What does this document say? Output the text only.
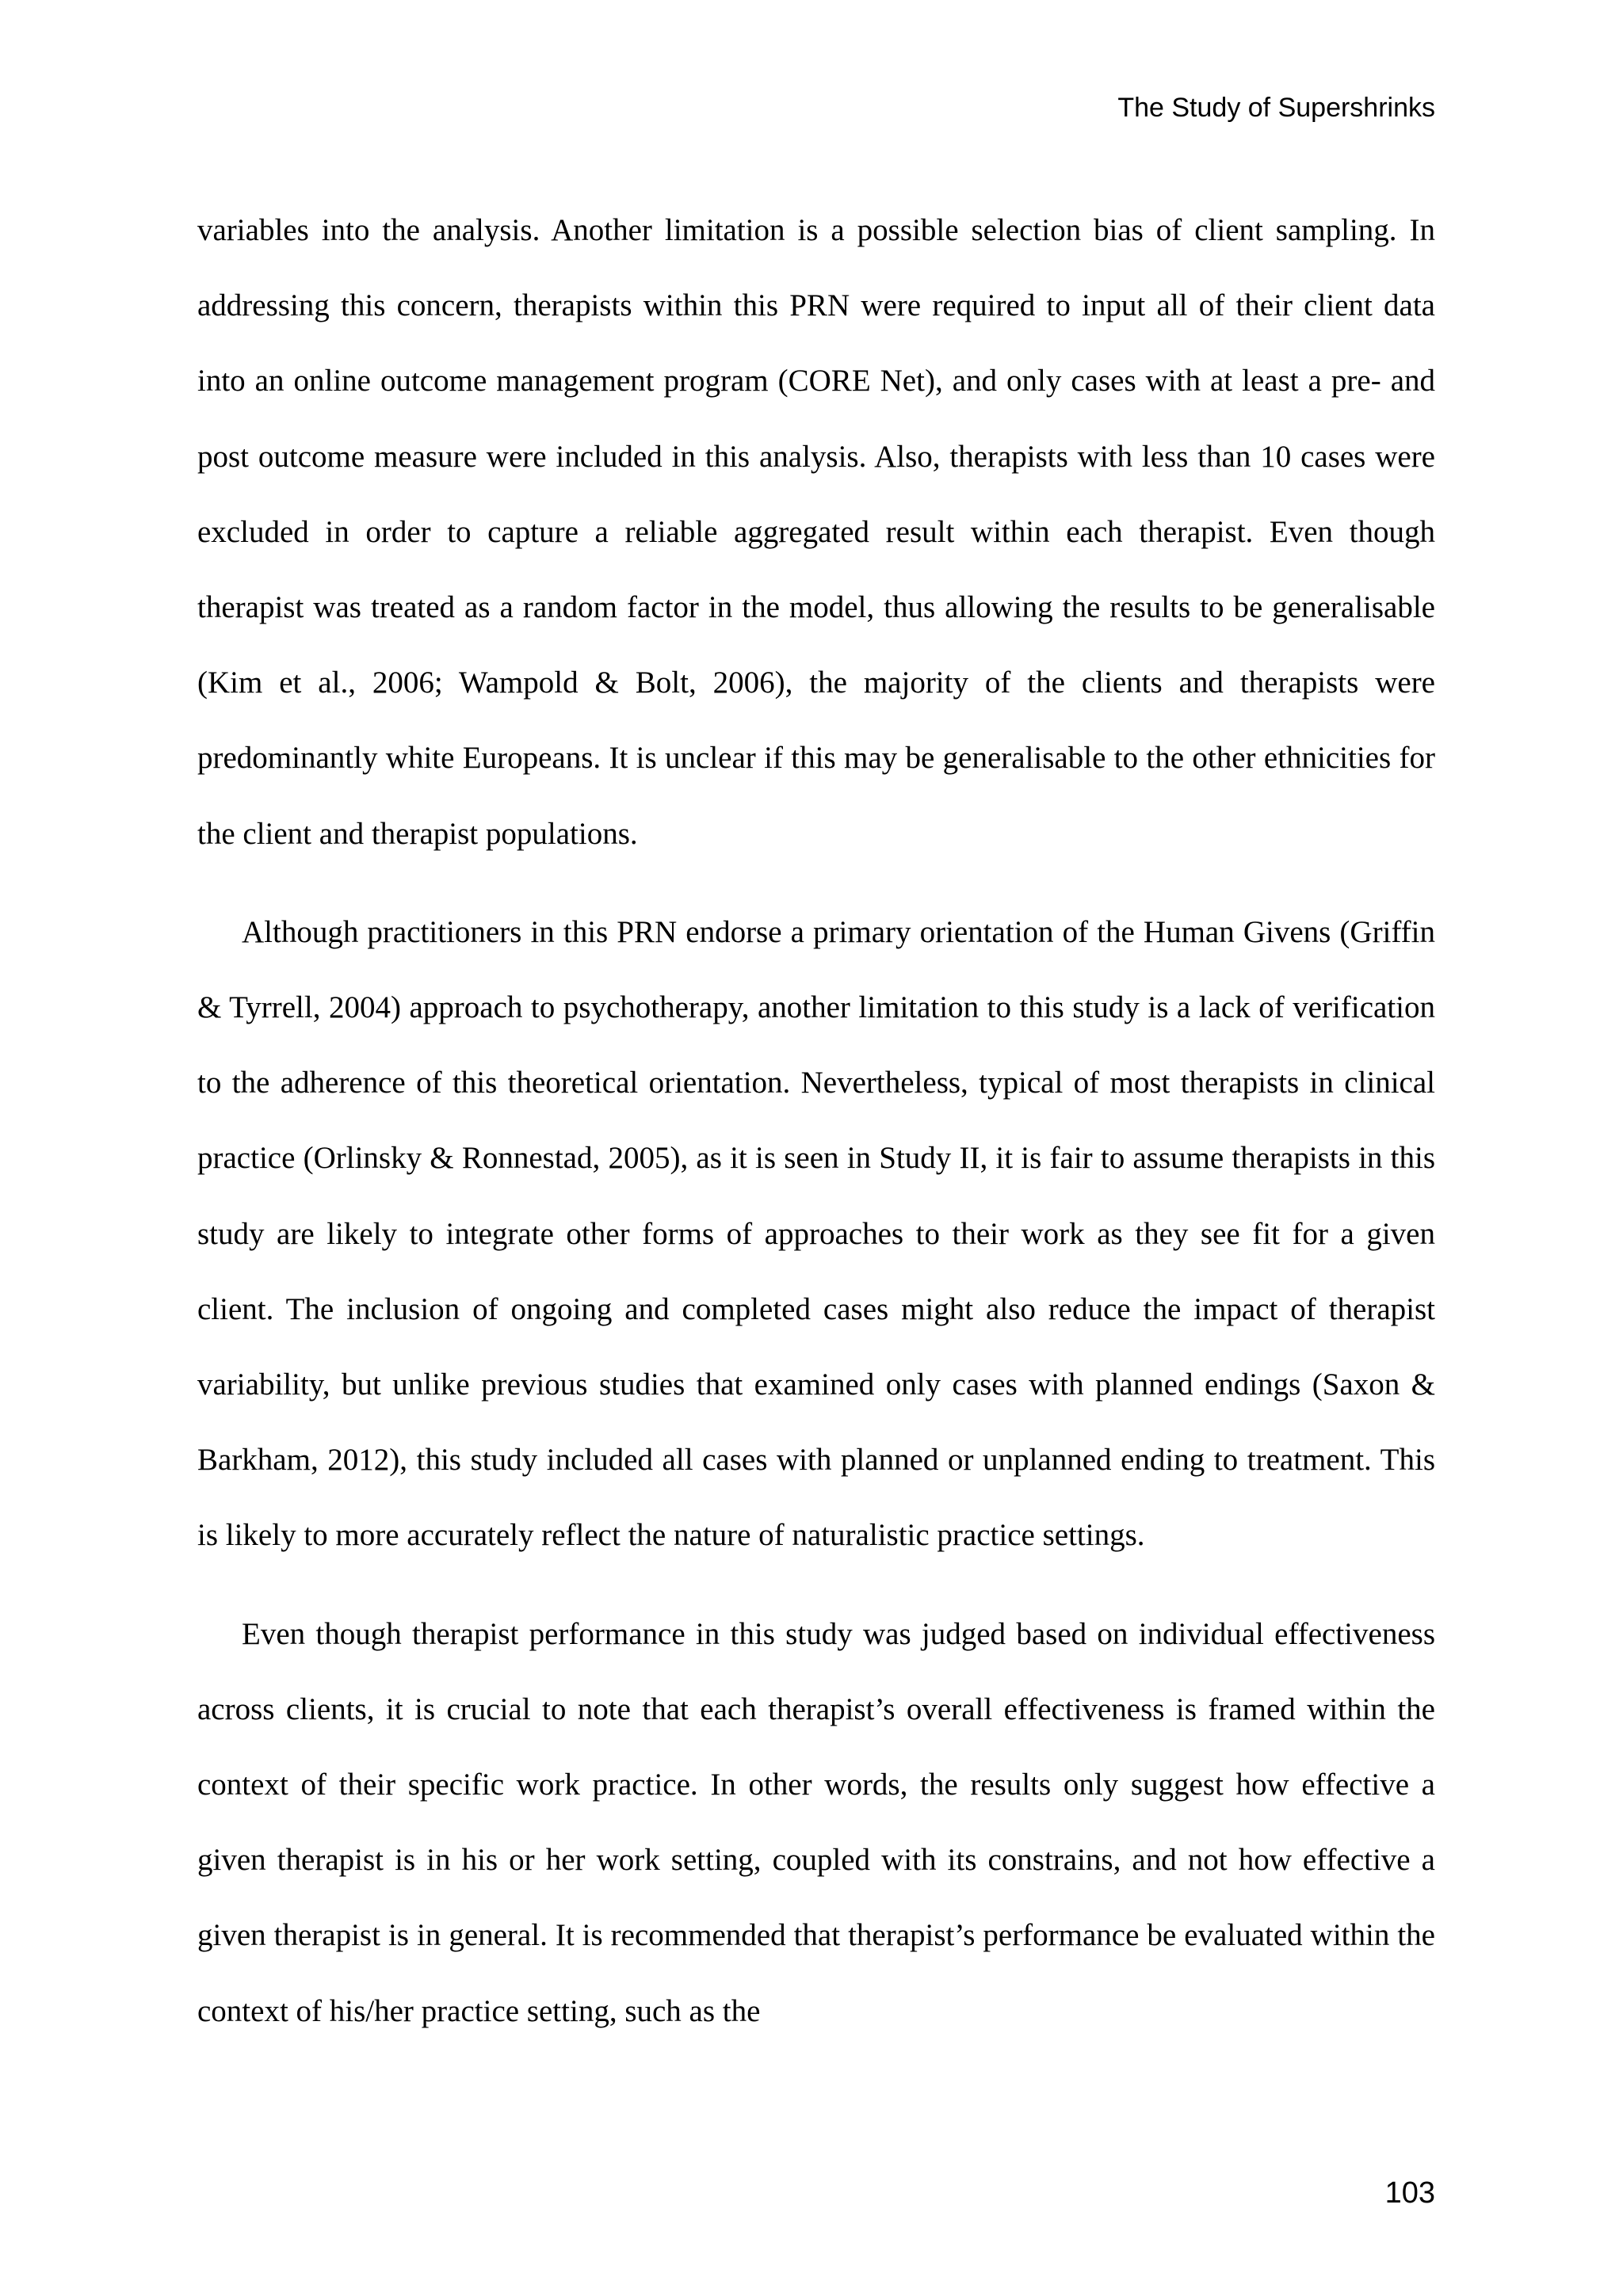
The Study of Supershrinks

variables into the analysis. Another limitation is a possible selection bias of client sampling. In addressing this concern, therapists within this PRN were required to input all of their client data into an online outcome management program (CORE Net), and only cases with at least a pre- and post outcome measure were included in this analysis. Also, therapists with less than 10 cases were excluded in order to capture a reliable aggregated result within each therapist. Even though therapist was treated as a random factor in the model, thus allowing the results to be generalisable (Kim et al., 2006; Wampold & Bolt, 2006), the majority of the clients and therapists were predominantly white Europeans. It is unclear if this may be generalisable to the other ethnicities for the client and therapist populations.

Although practitioners in this PRN endorse a primary orientation of the Human Givens (Griffin & Tyrrell, 2004) approach to psychotherapy, another limitation to this study is a lack of verification to the adherence of this theoretical orientation. Nevertheless, typical of most therapists in clinical practice (Orlinsky & Ronnestad, 2005), as it is seen in Study II, it is fair to assume therapists in this study are likely to integrate other forms of approaches to their work as they see fit for a given client. The inclusion of ongoing and completed cases might also reduce the impact of therapist variability, but unlike previous studies that examined only cases with planned endings (Saxon & Barkham, 2012), this study included all cases with planned or unplanned ending to treatment. This is likely to more accurately reflect the nature of naturalistic practice settings.

Even though therapist performance in this study was judged based on individual effectiveness across clients, it is crucial to note that each therapist’s overall effectiveness is framed within the context of their specific work practice. In other words, the results only suggest how effective a given therapist is in his or her work setting, coupled with its constrains, and not how effective a given therapist is in general. It is recommended that therapist’s performance be evaluated within the context of his/her practice setting, such as the

103
